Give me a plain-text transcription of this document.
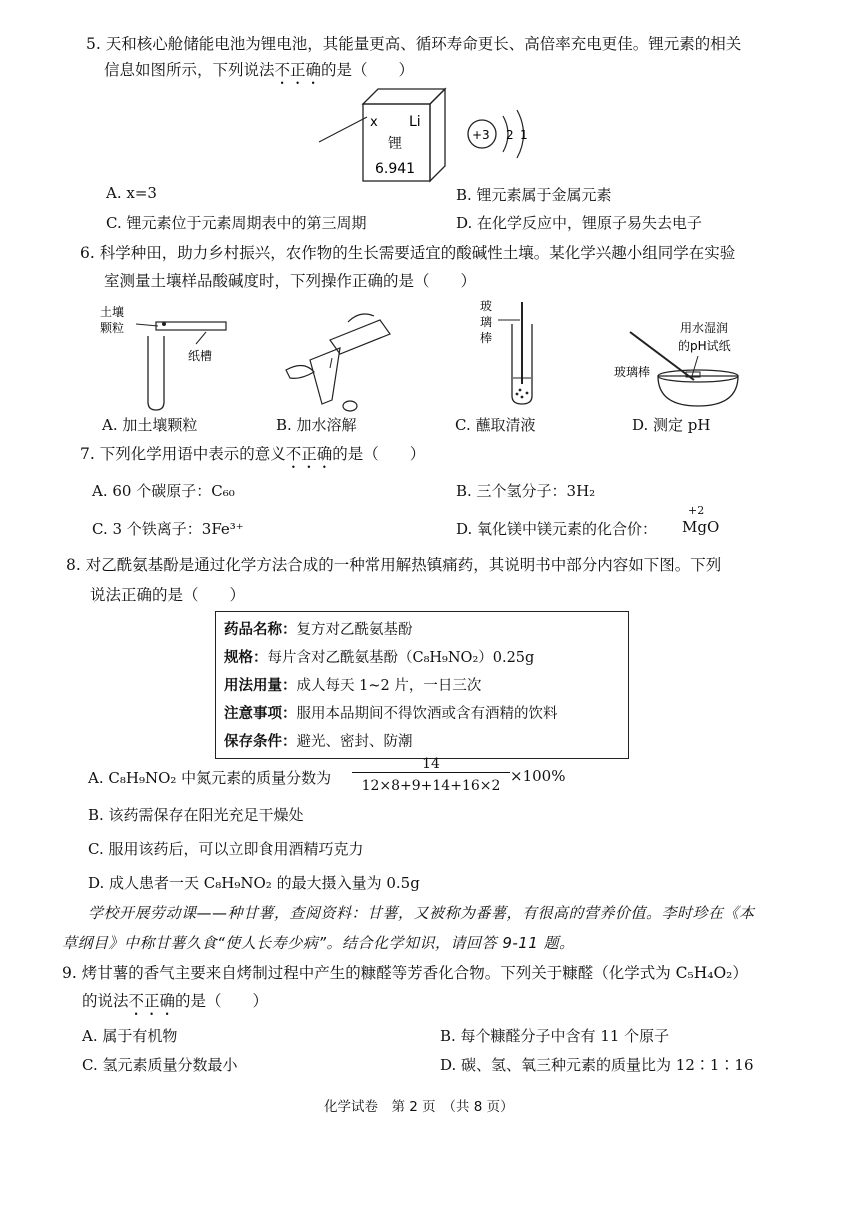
5. 天和核心舱储能电池为锂电池，其能量更高、循环寿命更长、高倍率充电更佳。锂元素的相关
信息如图所示，下列说法不正确的是（　　）
x Li
锂
6.941
+3 2 1
A. x=3	B. 锂元素属于金属元素
C. 锂元素位于元素周期表中的第三周期	D. 在化学反应中，锂原子易失去电子
6. 科学种田，助力乡村振兴，农作物的生长需要适宜的酸碱性土壤。某化学兴趣小组同学在实验
室测量土壤样品酸碱度时，下列操作正确的是（　　）
土壤
颗粒
纸槽
玻
璃
棒
用水湿润
的pH试纸
玻璃棒
A. 加土壤颗粒	B. 加水溶解	C. 蘸取清液	D. 测定 pH
7. 下列化学用语中表示的意义不正确的是（　　）
A. 60 个碳原子：C₆₀	B. 三个氢分子：3H₂
C. 3 个铁离子：3Fe³⁺	D. 氧化镁中镁元素的化合价：
+2
MgO
8. 对乙酰氨基酚是通过化学方法合成的一种常用解热镇痛药，其说明书中部分内容如下图。下列
说法正确的是（　　）
药品名称：复方对乙酰氨基酚
规格：每片含对乙酰氨基酚（C₈H₉NO₂）0.25g
用法用量：成人每天 1~2 片，一日三次
注意事项：服用本品期间不得饮酒或含有酒精的饮料
保存条件：避光、密封、防潮
A. C₈H₉NO₂ 中氮元素的质量分数为
14
12×8+9+14+16×2
×100%
B. 该药需保存在阳光充足干燥处
C. 服用该药后，可以立即食用酒精巧克力
D. 成人患者一天 C₈H₉NO₂ 的最大摄入量为 0.5g
学校开展劳动课——种甘薯，查阅资料：甘薯，又被称为番薯，有很高的营养价值。李时珍在《本
草纲目》中称甘薯久食“使人长寿少病”。结合化学知识，请回答 9-11 题。
9. 烤甘薯的香气主要来自烤制过程中产生的糠醛等芳香化合物。下列关于糠醛（化学式为 C₅H₄O₂）
的说法不正确的是（　　）
A. 属于有机物	B. 每个糠醛分子中含有 11 个原子
C. 氢元素质量分数最小	D. 碳、氢、氧三种元素的质量比为 12∶1∶16
化学试卷　第 2 页　（共 8 页）
